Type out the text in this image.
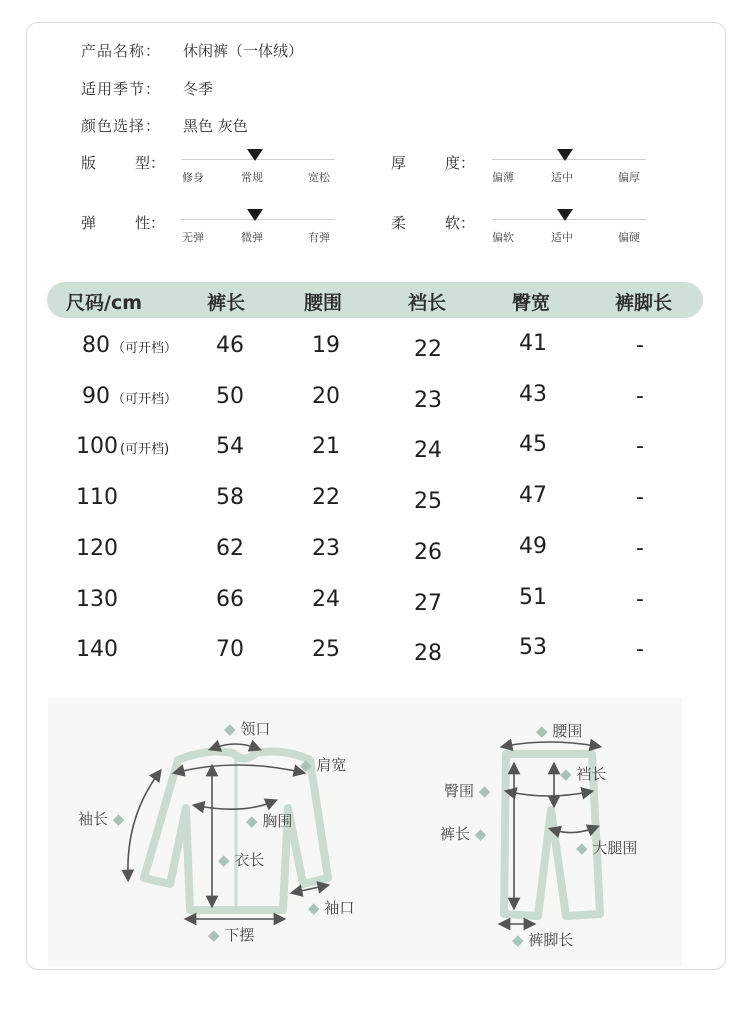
产品名称： 休闲裤（一体绒）
适用季节： 冬季
颜色选择： 黑色 灰色
版	型：
修身	常规	宽松
厚	度：
偏薄	适中	偏厚
弹	性：
无弹	微弹	有弹
柔	软：
偏软	适中	偏硬
尺码/cm	裤长	腰围	裆长	臀宽	裤脚长
80 （可开档） 46	19	22	41	-
90 （可开档） 50	20	23	43	-
100 (可开档) 54	21	24	45	-
110	58	22	25	47	-
120	62	23	26	49	-
130	66	24	27	51	-
140	70	25	28	53	-
◆ 领口
◆ 肩宽
袖长 ◆	◆ 胸围
◆ 衣长
◆ 袖口
◆ 下摆
◆ 腰围
◆ 裆长
臀围 ◆
◆ 大腿围
裤长 ◆
◆ 裤脚长
